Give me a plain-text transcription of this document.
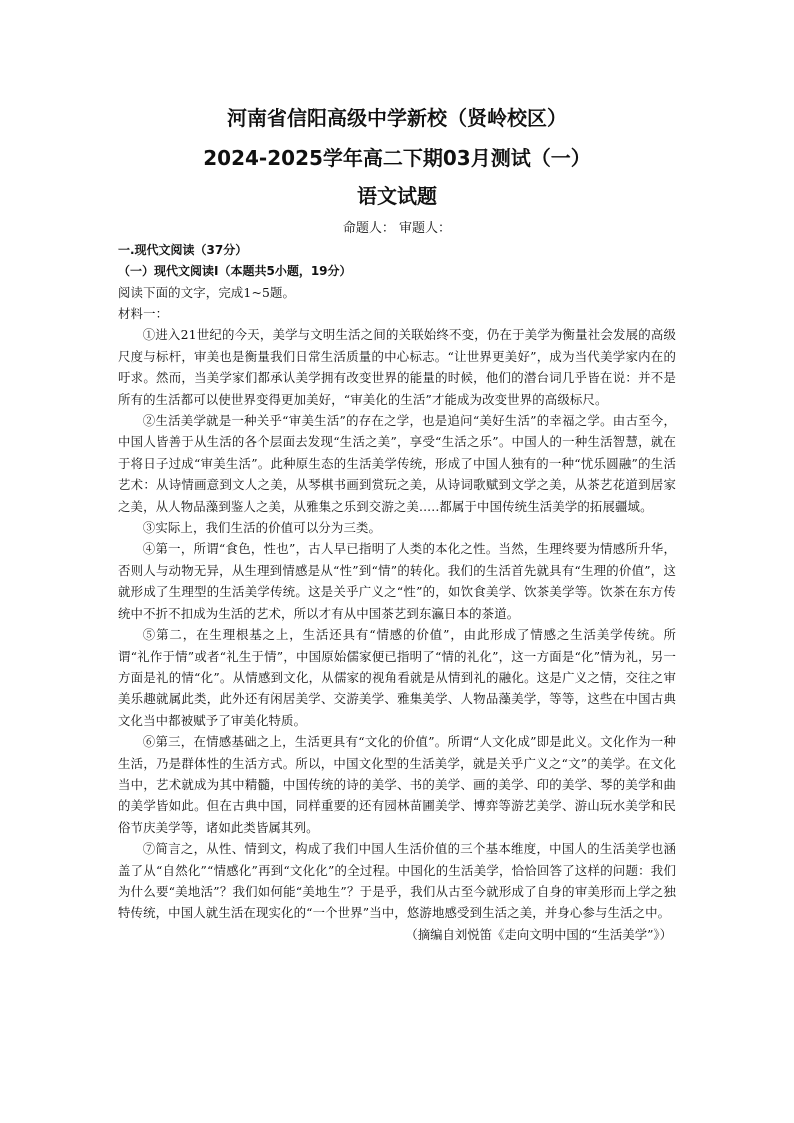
河南省信阳高级中学新校（贤岭校区）
2024-2025学年高二下期03月测试（一）
语文试题
命题人： 审题人：

一.现代文阅读（37分）

（一）现代文阅读I（本题共5小题，19分）

阅读下面的文字，完成1~5题。

材料一：

①进入21世纪的今天，美学与文明生活之间的关联始终不变，仍在于美学为衡量社会发展的高级尺度与标杆，审美也是衡量我们日常生活质量的中心标志。“让世界更美好”，成为当代美学家内在的吁求。然而，当美学家们都承认美学拥有改变世界的能量的时候，他们的潜台词几乎皆在说：并不是所有的生活都可以使世界变得更加美好，“审美化的生活”才能成为改变世界的高级标尺。

②生活美学就是一种关乎“审美生活”的存在之学，也是追问“美好生活”的幸福之学。由古至今，中国人皆善于从生活的各个层面去发现“生活之美”，享受“生活之乐”。中国人的一种生活智慧，就在于将日子过成“审美生活”。此种原生态的生活美学传统，形成了中国人独有的一种“忧乐圆融”的生活艺术：从诗情画意到文人之美，从琴棋书画到赏玩之美，从诗词歌赋到文学之美，从茶艺花道到居家之美，从人物品藻到鉴人之美，从雅集之乐到交游之美.....都属于中国传统生活美学的拓展疆域。

③实际上，我们生活的价值可以分为三类。

④第一，所谓“食色，性也”，古人早已指明了人类的本化之性。当然，生理终要为情感所升华，否则人与动物无异，从生理到情感是从“性”到“情”的转化。我们的生活首先就具有“生理的价值”，这就形成了生理型的生活美学传统。这是关乎广义之“性”的，如饮食美学、饮茶美学等。饮茶在东方传统中不折不扣成为生活的艺术，所以才有从中国茶艺到东瀛日本的茶道。

⑤第二，在生理根基之上，生活还具有“情感的价值”，由此形成了情感之生活美学传统。所谓“礼作于情”或者“礼生于情”，中国原始儒家便已指明了“情的礼化”，这一方面是“化”情为礼，另一方面是礼的情“化”。从情感到文化，从儒家的视角看就是从情到礼的融化。这是广义之情，交往之审美乐趣就属此类，此外还有闲居美学、交游美学、雅集美学、人物品藻美学，等等，这些在中国古典文化当中都被赋予了审美化特质。

⑥第三，在情感基础之上，生活更具有“文化的价值”。所谓“人文化成”即是此义。文化作为一种生活，乃是群体性的生活方式。所以，中国文化型的生活美学，就是关乎广义之“文”的美学。在文化当中，艺术就成为其中精髓，中国传统的诗的美学、书的美学、画的美学、印的美学、琴的美学和曲的美学皆如此。但在古典中国，同样重要的还有园林苗圃美学、博弈等游艺美学、游山玩水美学和民俗节庆美学等，诸如此类皆属其列。

⑦简言之，从性、情到文，构成了我们中国人生活价值的三个基本维度，中国人的生活美学也涵盖了从“自然化”“情感化”再到“文化化”的全过程。中国化的生活美学，恰恰回答了这样的问题：我们为什么要“美地活”？我们如何能“美地生”？于是乎，我们从古至今就形成了自身的审美形而上学之独特传统，中国人就生活在现实化的“一个世界”当中，悠游地感受到生活之美，并身心参与生活之中。

（摘编自刘悦笛《走向文明中国的“生活美学”》）
